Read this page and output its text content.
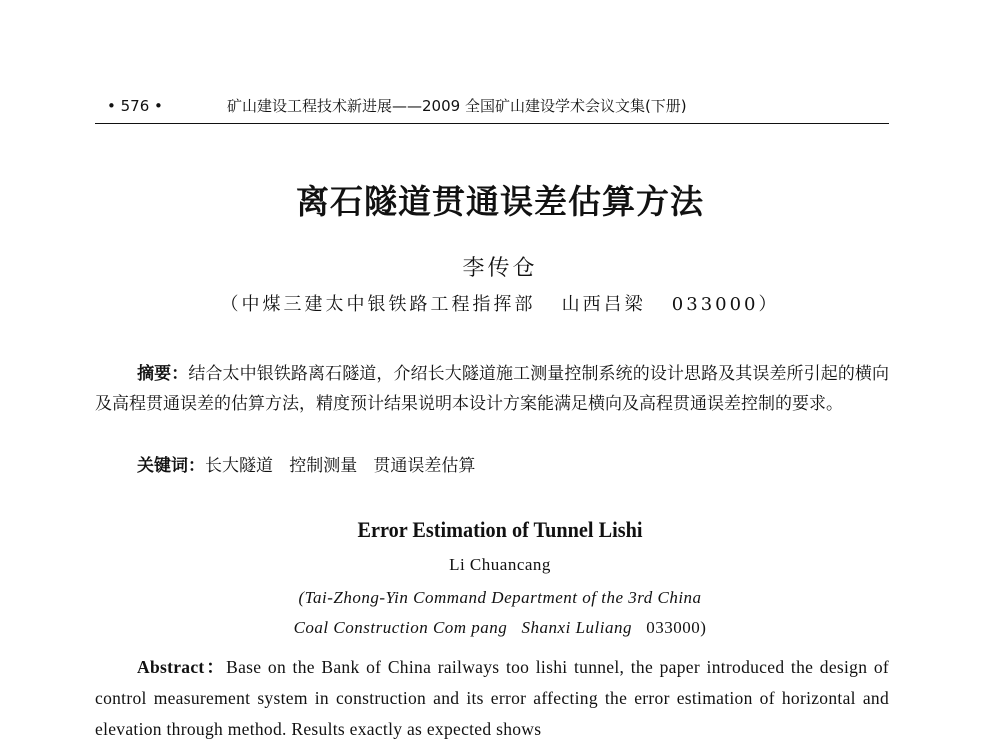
• 576 •	矿山建设工程技术新进展——2009 全国矿山建设学术会议文集(下册)
离石隧道贯通误差估算方法
李传仓
（中煤三建太中银铁路工程指挥部   山西吕梁   033000）

摘要：结合太中银铁路离石隧道，介绍长大隧道施工测量控制系统的设计思路及其误差所引起的横向及高程贯通误差的估算方法，精度预计结果说明本设计方案能满足横向及高程贯通误差控制的要求。

关键词：长大隧道   控制测量   贯通误差估算
Error Estimation of Tunnel Lishi
Li Chuancang
(Tai-Zhong-Yin Command Department of the 3rd China
Coal Construction Com pang   Shanxi Luliang   033000)

Abstract：Base on the Bank of China railways too lishi tunnel, the paper introduced the design of control measurement system in construction and its error affecting the error estimation of horizontal and elevation through method. Results exactly as expected shows
